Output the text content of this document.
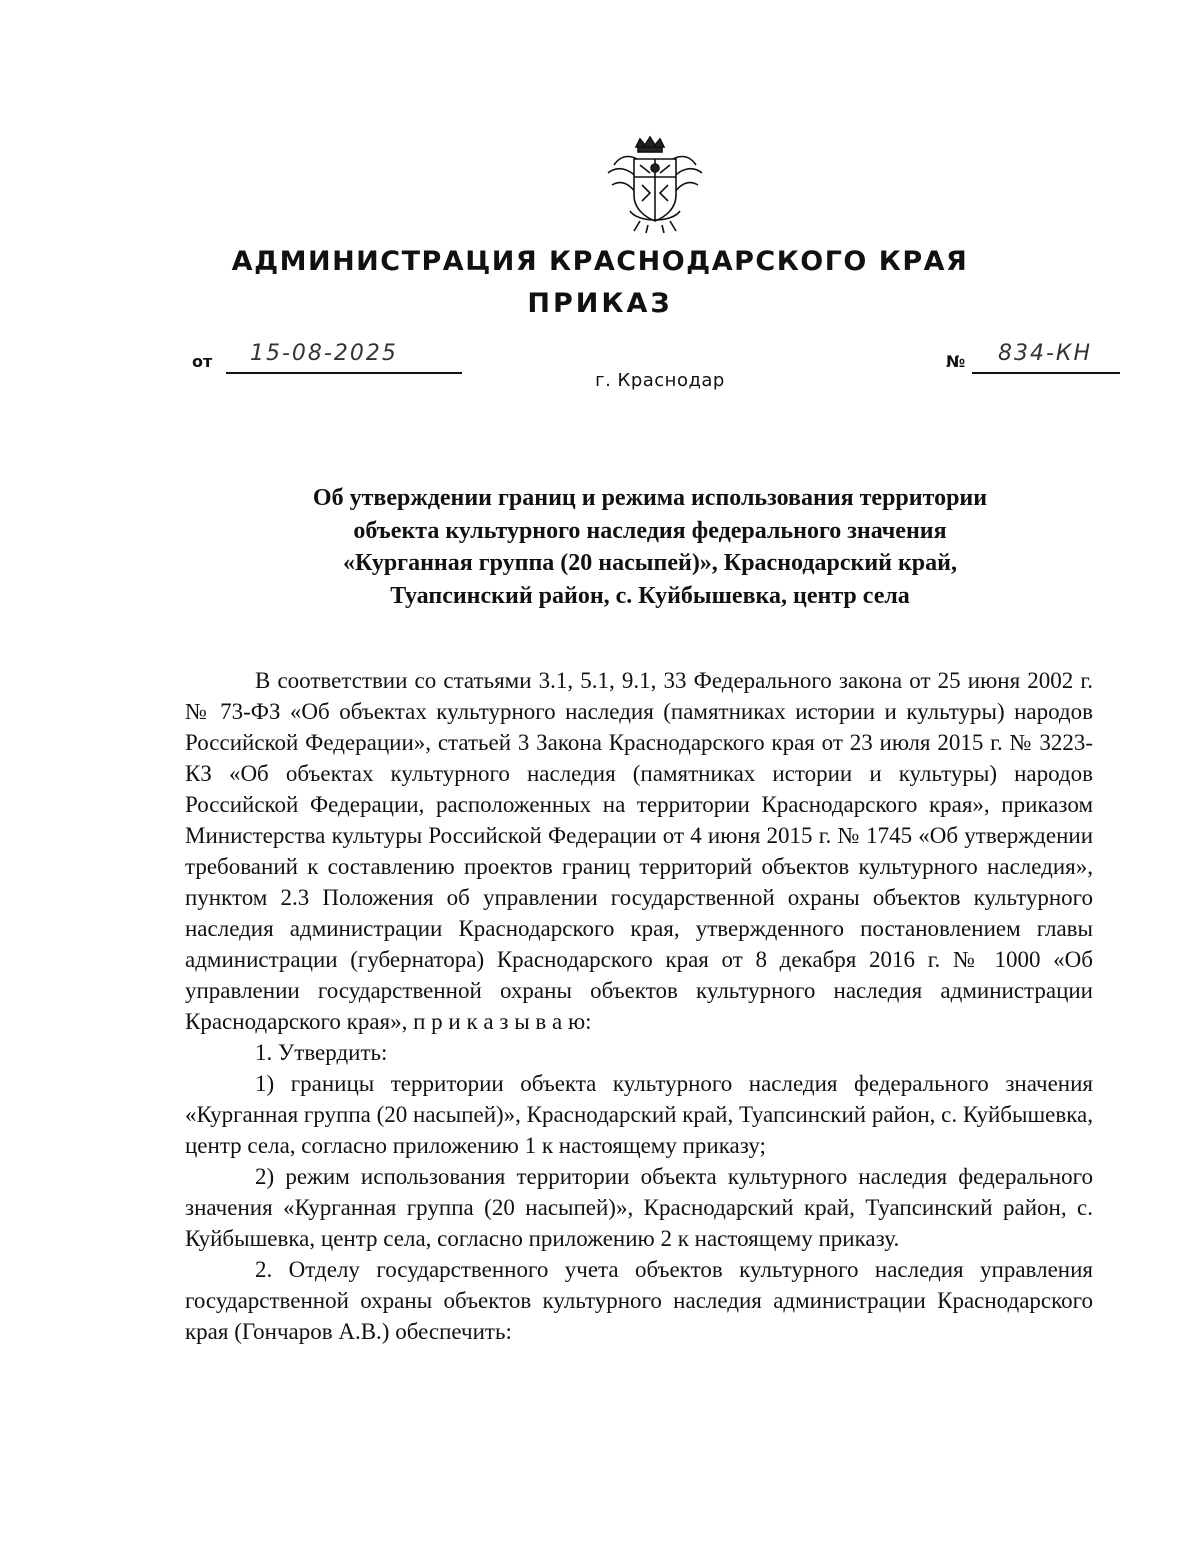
АДМИНИСТРАЦИЯ КРАСНОДАРСКОГО КРАЯ
ПРИКАЗ
от 15-08-2025
г. Краснодар
№ 834-КН
Об утверждении границ и режима использования территории
объекта культурного наследия федерального значения
«Курганная группа (20 насыпей)», Краснодарский край,
Туапсинский район, с. Куйбышевка, центр села

В соответствии со статьями 3.1, 5.1, 9.1, 33 Федерального закона от 25 июня 2002 г. № 73-ФЗ «Об объектах культурного наследия (памятниках истории и культуры) народов Российской Федерации», статьей 3 Закона Краснодарского края от 23 июля 2015 г. № 3223-КЗ «Об объектах культурного наследия (памятниках истории и культуры) народов Российской Федерации, расположенных на территории Краснодарского края», приказом Министерства культуры Российской Федерации от 4 июня 2015 г. № 1745 «Об утверждении требований к составлению проектов границ территорий объектов культурного наследия», пунктом 2.3 Положения об управлении государственной охраны объектов культурного наследия администрации Краснодарского края, утвержденного постановлением главы администрации (губернатора) Краснодарского края от 8 декабря 2016 г. № 1000 «Об управлении государственной охраны объектов культурного наследия администрации Краснодарского края», п р и к а з ы в а ю:

1. Утвердить:

1) границы территории объекта культурного наследия федерального значения «Курганная группа (20 насыпей)», Краснодарский край, Туапсинский район, с. Куйбышевка, центр села, согласно приложению 1 к настоящему приказу;

2) режим использования территории объекта культурного наследия федерального значения «Курганная группа (20 насыпей)», Краснодарский край, Туапсинский район, с. Куйбышевка, центр села, согласно приложению 2 к настоящему приказу.

2. Отделу государственного учета объектов культурного наследия управления государственной охраны объектов культурного наследия администрации Краснодарского края (Гончаров А.В.) обеспечить:
